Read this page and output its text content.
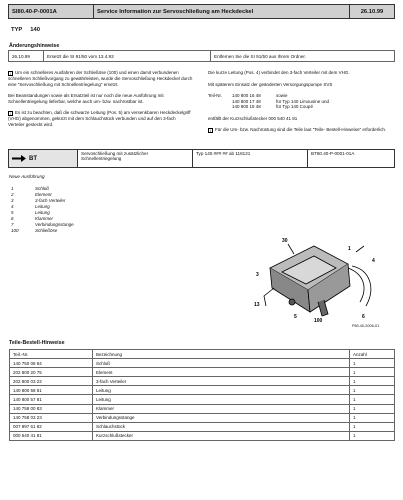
SI80.40-P-0001A	Service Information zur Servoschließung am Heckdeckel	26.10.99
TYP 140
Änderungshinweise
26.10.99	Ersetzt die SI 91/50 vom 13.4.93	Entfernen Sie die SI 91/50 aus Ihrem Ordner.

i Um ein schnelleres Ausfahren der Schließöse (100) und einen damit verbundenen schnelleren Schließvorgang zu gewährleisten, wurde die Servoschließung Heckdeckel durch eine "Servoschließung mit Schnellentriegelung" ersetzt.

Bei Beanstandungen sowie als Ersatzteil ist nur noch die neue Ausführung mit Schnellentriegelung lieferbar, welche auch um- bzw. nachrüstbar ist.

i Es ist zu beachten, daß die schwarze Leitung (Pos. 5) am versenkbaren Heckdeckelgriff (VHG) abgenommen, gekürzt mit dem Schlauchstück verbunden und auf den 3-fach Verteiler gesteckt wird.

Die kurze Leitung (Pos. 4) verbindet den 3-fach Verteiler mit dem VHG.

Mit späterem Einsatz der geänderten Versorgungspumpe SVS

Teil-Nr.	140 800 16 48	sowie
140 800 17 48	für Typ 140 Limousine und
140 800 18 48	für Typ 140 Coupé

entfällt der Kurzschlußstecker 000 540 41 81

i Für die Um- bzw. Nachrüstung sind die Teile laut "Teile- Bestell-Hinweise" erforderlich.

BT
Servoschließung mit zusätzlicher Schnellentriegelung
Typ 140.### ## ab 118121	BT80.40-P-0001-01A
Neue Ausführung
1	Schloß
2	Element
3	3-fach Verteiler
4	Leitung
5	Leitung
6	Klammer
7	Verbindungsstange
100	Schließöse
30
1
3
4
13
5
100
6
P80.40-2006-01
Teile-Bestell-Hinweise
Teil.-Nr.	Bezeichnung	Anzahl
140 750 08 84	Schloß	1
202 800 20 75	Element	1
202 800 03 22	3-fach Verteiler	1
140 800 58 81	Leitung	1
140 800 57 81	Leitung	1
140 758 00 83	Klammer	1
140 758 03 23	Verbindungsstange	1
007 997 61 82	Schlauchstück	1
000 540 41 81	Kurzschlußstecker	1
